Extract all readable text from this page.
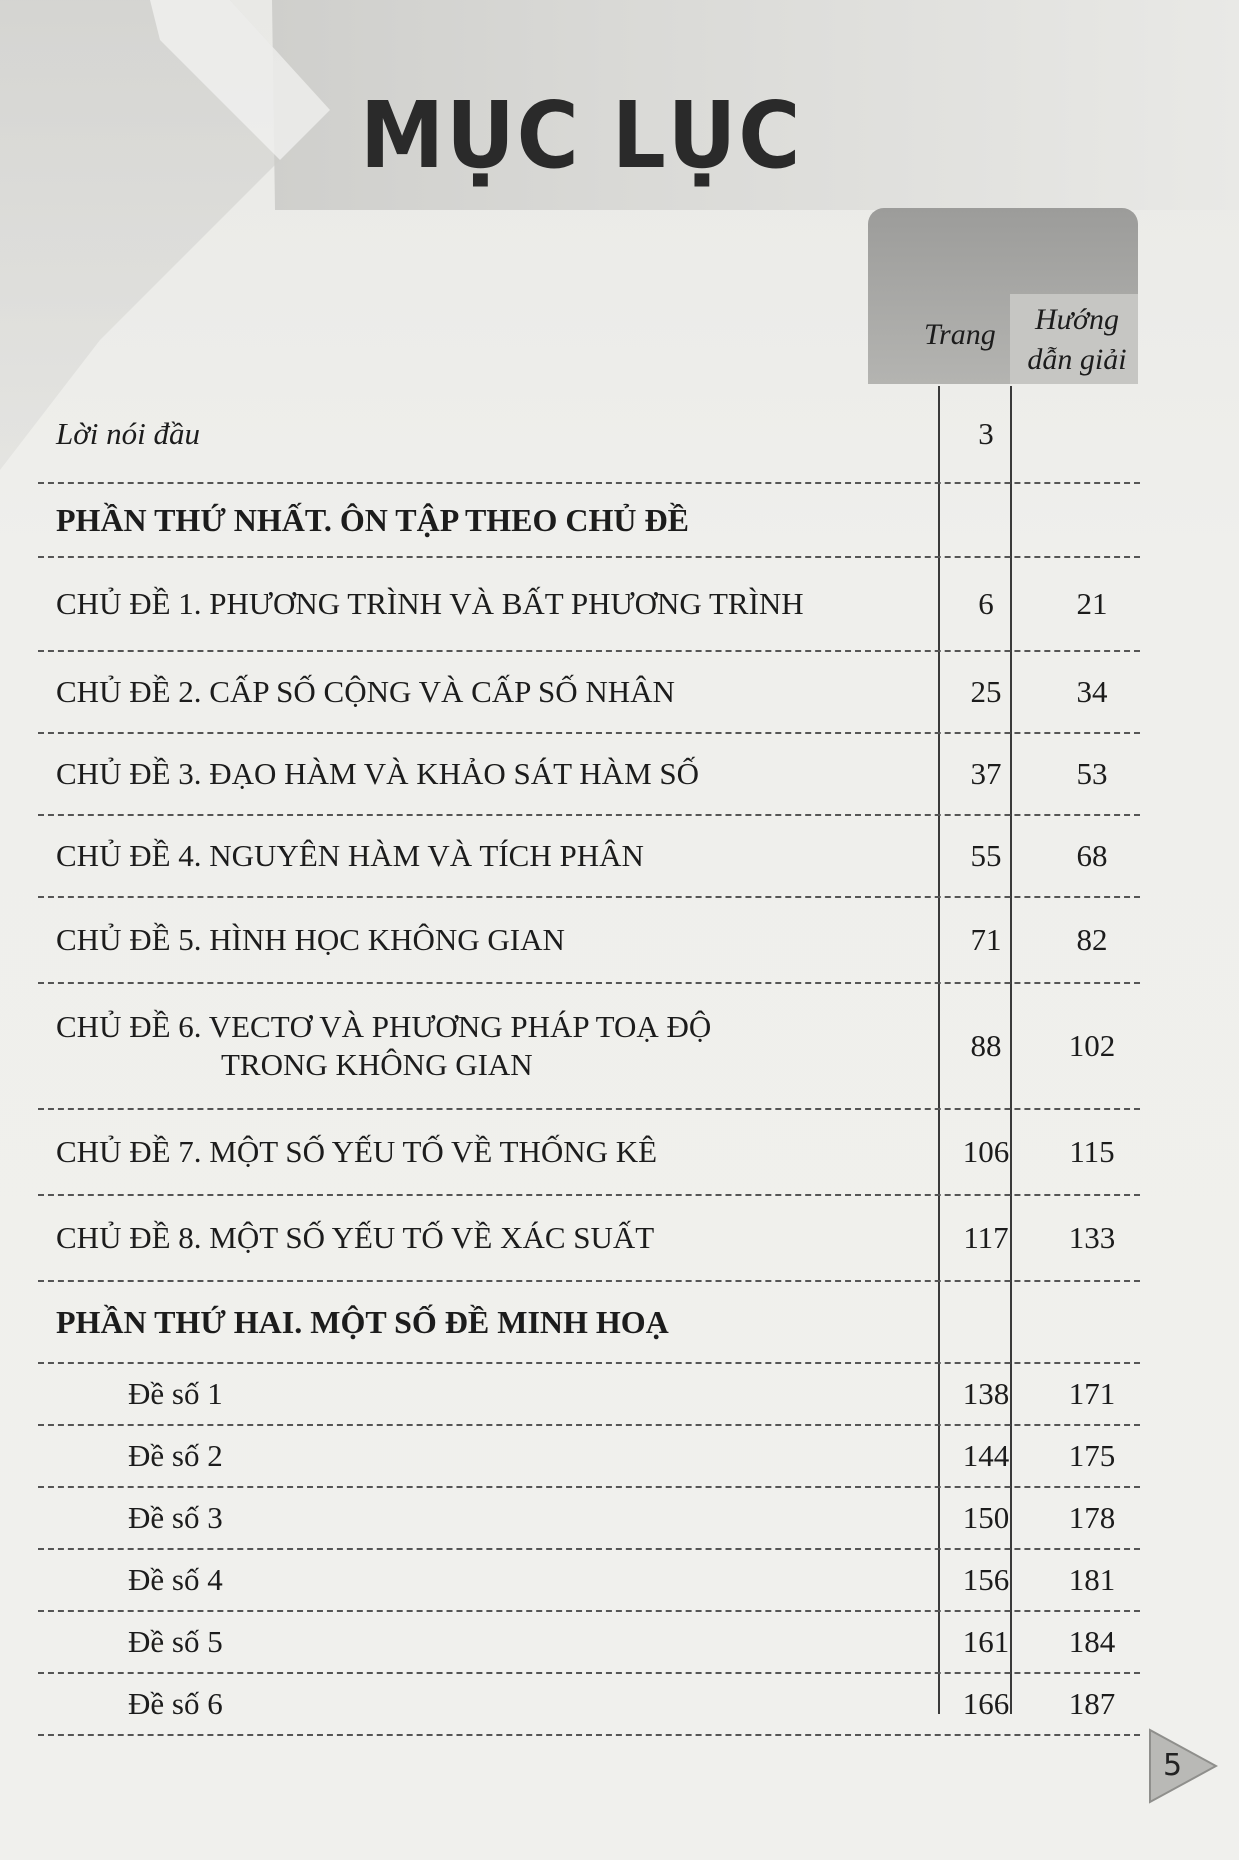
MỤC LỤC
Trang	Hướng
dẫn giải
Lời nói đầu	3
PHẦN THỨ NHẤT. ÔN TẬP THEO CHỦ ĐỀ
CHỦ ĐỀ 1. PHƯƠNG TRÌNH VÀ BẤT PHƯƠNG TRÌNH	6	21
CHỦ ĐỀ 2. CẤP SỐ CỘNG VÀ CẤP SỐ NHÂN	25	34
CHỦ ĐỀ 3. ĐẠO HÀM VÀ KHẢO SÁT HÀM SỐ	37	53
CHỦ ĐỀ 4. NGUYÊN HÀM VÀ TÍCH PHÂN	55	68
CHỦ ĐỀ 5. HÌNH HỌC KHÔNG GIAN	71	82
CHỦ ĐỀ 6. VECTƠ VÀ PHƯƠNG PHÁP TOẠ ĐỘ
TRONG KHÔNG GIAN
88	102
CHỦ ĐỀ 7. MỘT SỐ YẾU TỐ VỀ THỐNG KÊ	106	115
CHỦ ĐỀ 8. MỘT SỐ YẾU TỐ VỀ XÁC SUẤT	117	133
PHẦN THỨ HAI. MỘT SỐ ĐỀ MINH HOẠ
Đề số 1	138	171
Đề số 2	144	175
Đề số 3	150	178
Đề số 4	156	181
Đề số 5	161	184
Đề số 6	166	187
5
